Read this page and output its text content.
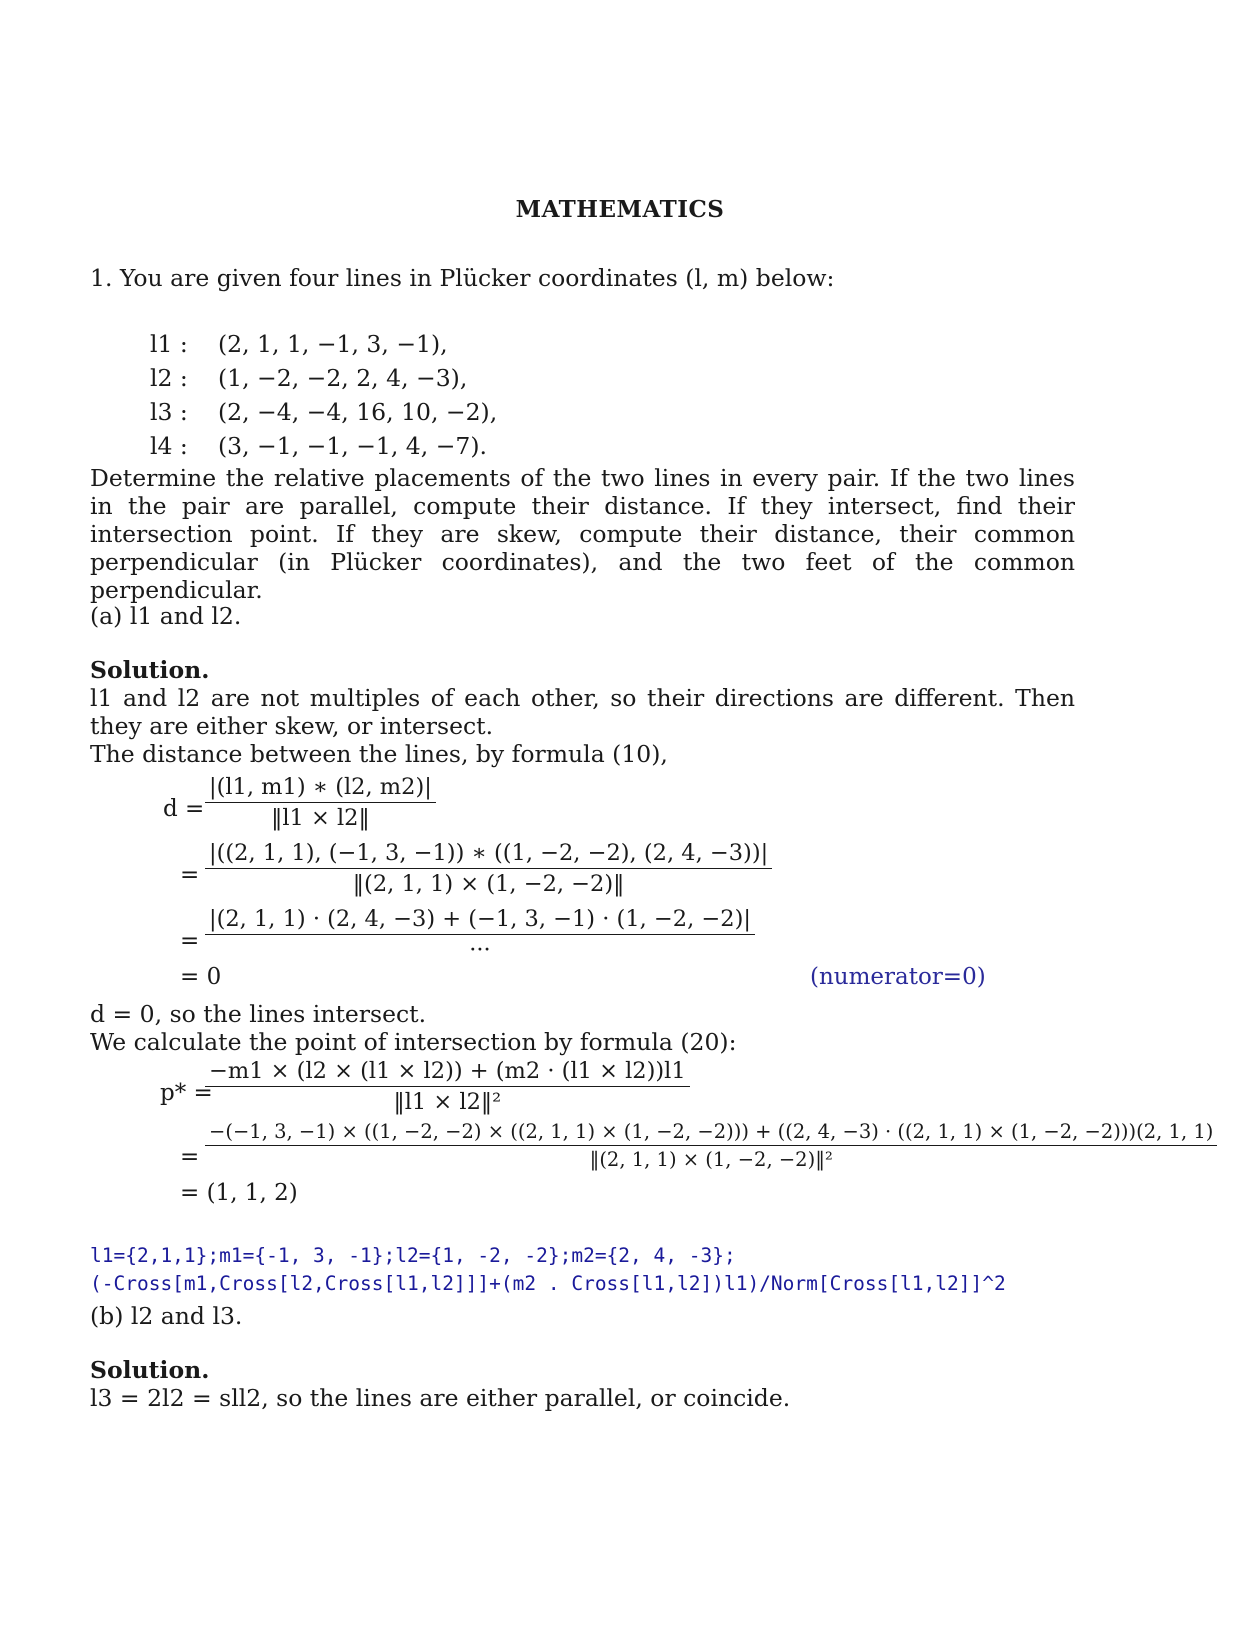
MATHEMATICS
1. You are given four lines in Plücker coordinates (l, m) below:
l1 : (2, 1, 1, −1, 3, −1),
l2 : (1, −2, −2, 2, 4, −3),
l3 : (2, −4, −4, 16, 10, −2),
l4 : (3, −1, −1, −1, 4, −7).
Determine the relative placements of the two lines in every pair. If the two lines in the pair are parallel, compute their distance. If they intersect, find their intersection point. If they are skew, compute their distance, their common perpendicular (in Plücker coordinates), and the two feet of the common perpendicular.
(a) l1 and l2.
Solution.
l1 and l2 are not multiples of each other, so their directions are different. Then they are either skew, or intersect.
The distance between the lines, by formula (10),
$d = \frac{|(l1, m1) ∗ (l2, m2)|}{‖l1 \times l2‖}$
= $\frac{|((2, 1, 1), (-1, 3, -1)) ∗ ((1, -2, -2), (2, 4, -3))|}{‖(2, 1, 1) \times (1, -2, -2)‖}$
=
|(2, 1, 1) · (2, 4, −3) + (−1, 3, −1) · (1, −2, −2)|
···
= 0	(numerator=0)
d = 0, so the lines intersect.
We calculate the point of intersection by formula (20):
p* =
$\frac{-m1 \times (l2 \times (l1 \times l2)) + (m2 \cdot (l1 \times l2))l1}{\text{‖l1 × l2‖²}}$
=
−(−1, 3, −1) × ((1, −2, −2) × ((2, 1, 1) × (1, −2, −2))) + ((2, 4, −3) · ((2, 1, 1) × (1, −2, −2)))(2, 1, 1)
‖(2, 1, 1) × (1, −2, −2)‖²
= (1, 1, 2)
l1={2,1,1};m1={-1, 3, -1};l2={1, -2, -2};m2={2, 4, -3};
(-Cross[m1,Cross[l2,Cross[l1,l2]]]+(m2 . Cross[l1,l2])l1)/Norm[Cross[l1,l2]]^2
(b) l2 and l3.
Solution.
l3 = 2l2 = sll2, so the lines are either parallel, or coincide.
